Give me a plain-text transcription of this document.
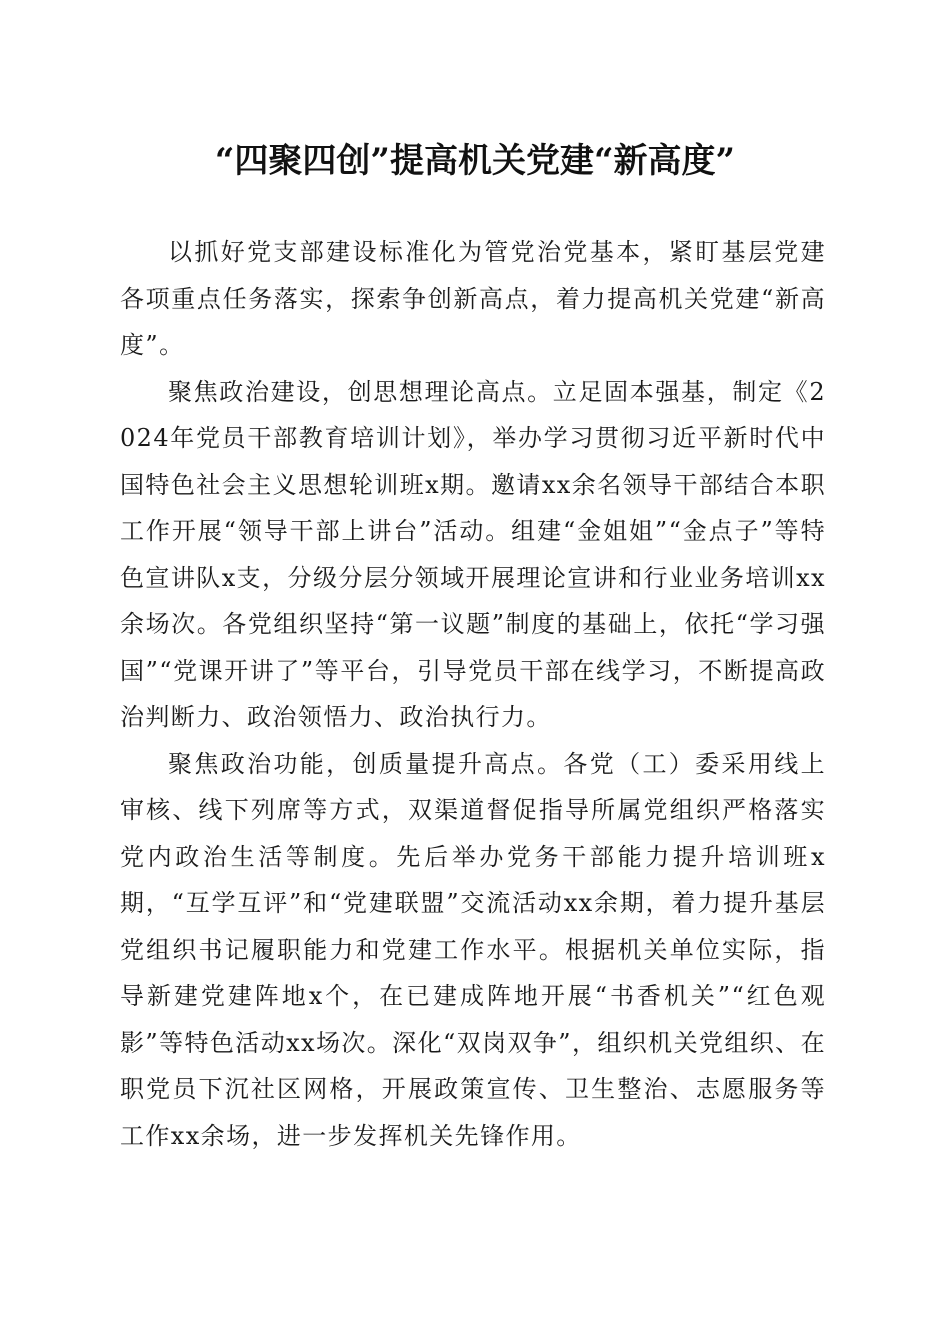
“四聚四创”提高机关党建“新高度”

以抓好党支部建设标准化为管党治党基本，紧盯基层党建各项重点任务落实，探索争创新高点，着力提高机关党建“新高度”。

聚焦政治建设，创思想理论高点。立足固本强基，制定《2024年党员干部教育培训计划》，举办学习贯彻习近平新时代中国特色社会主义思想轮训班x期。邀请xx余名领导干部结合本职工作开展“领导干部上讲台”活动。组建“金姐姐”“金点子”等特色宣讲队x支，分级分层分领域开展理论宣讲和行业业务培训xx余场次。各党组织坚持“第一议题”制度的基础上，依托“学习强国”“党课开讲了”等平台，引导党员干部在线学习，不断提高政治判断力、政治领悟力、政治执行力。

聚焦政治功能，创质量提升高点。各党（工）委采用线上审核、线下列席等方式，双渠道督促指导所属党组织严格落实党内政治生活等制度。先后举办党务干部能力提升培训班x期，“互学互评”和“党建联盟”交流活动xx余期，着力提升基层党组织书记履职能力和党建工作水平。根据机关单位实际，指导新建党建阵地x个，在已建成阵地开展“书香机关”“红色观影”等特色活动xx场次。深化“双岗双争”，组织机关党组织、在职党员下沉社区网格，开展政策宣传、卫生整治、志愿服务等工作xx余场，进一步发挥机关先锋作用。
